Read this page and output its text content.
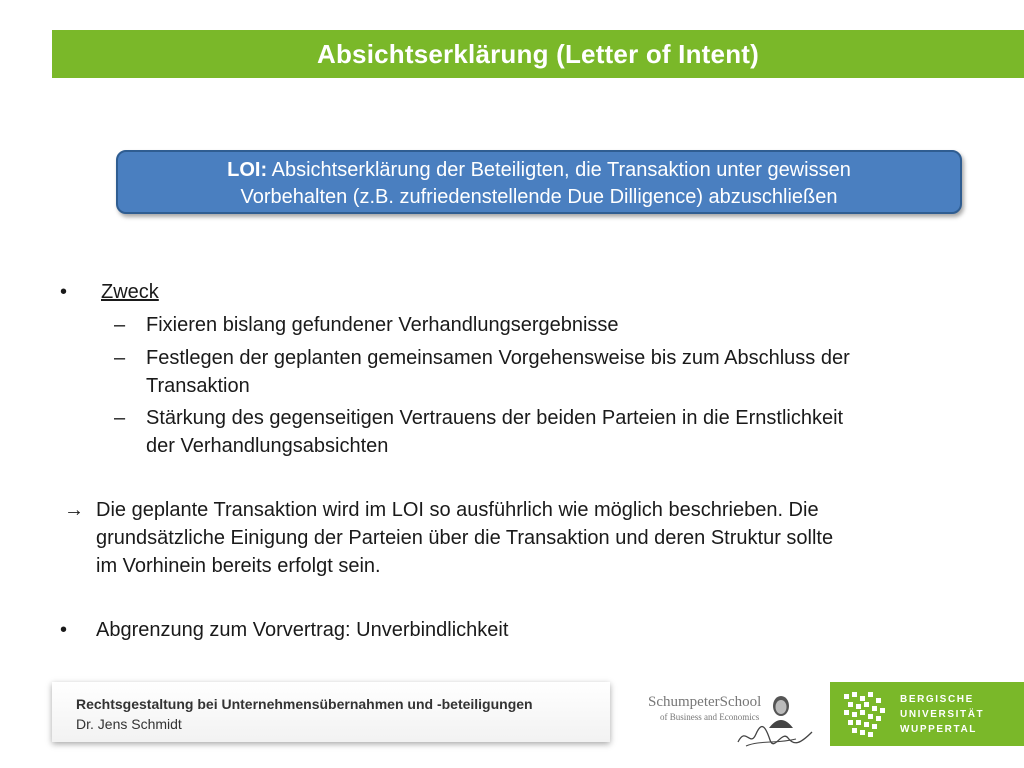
Absichtserklärung (Letter of Intent)
LOI: Absichtserklärung der Beteiligten, die Transaktion unter gewissen
Vorbehalten (z.B. zufriedenstellende Due Dilligence) abzuschließen
• Zweck
– Fixieren bislang gefundener Verhandlungsergebnisse
– Festlegen der geplanten gemeinsamen Vorgehensweise bis zum Abschluss der
Transaktion
– Stärkung des gegenseitigen Vertrauens der beiden Parteien in die Ernstlichkeit
der Verhandlungsabsichten
→ Die geplante Transaktion wird im LOI so ausführlich wie möglich beschrieben. Die
grundsätzliche Einigung der Parteien über die Transaktion und deren Struktur sollte
im Vorhinein bereits erfolgt sein.
• Abgrenzung zum Vorvertrag: Unverbindlichkeit
Rechtsgestaltung bei Unternehmensübernahmen und -beteiligungen
Dr. Jens Schmidt
SchumpeterSchool
of Business and Economics
BERGISCHE
UNIVERSITÄT
WUPPERTAL
